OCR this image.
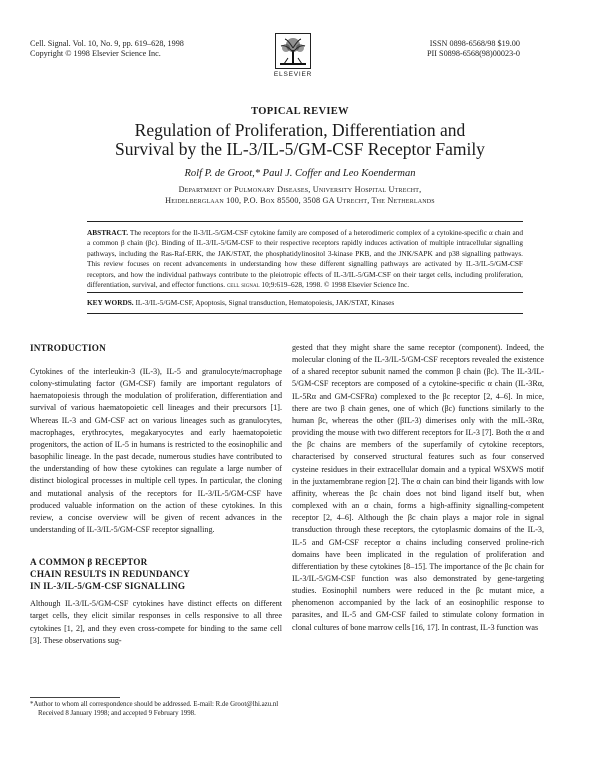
Cell. Signal. Vol. 10, No. 9, pp. 619–628, 1998
Copyright © 1998 Elsevier Science Inc.
ELSEVIER
ISSN 0898-6568/98 $19.00
PII S0898-6568(98)00023-0
TOPICAL REVIEW
Regulation of Proliferation, Differentiation and
Survival by the IL-3/IL-5/GM-CSF Receptor Family
Rolf P. de Groot,* Paul J. Coffer and Leo Koenderman
Department of Pulmonary Diseases, University Hospital Utrecht,
Heidelberglaan 100, P.O. Box 85500, 3508 GA Utrecht, The Netherlands
ABSTRACT. The receptors for the Il-3/IL-5/GM-CSF cytokine family are composed of a heterodimeric complex of a cytokine-specific α chain and a common β chain (βc). Binding of IL-3/IL-5/GM-CSF to their respective receptors rapidly induces activation of multiple intracellular signalling pathways, including the Ras-Raf-ERK, the JAK/STAT, the phosphatidylinositol 3-kinase PKB, and the JNK/SAPK and p38 signalling pathways. This review focuses on recent advancements in understanding how these different signalling pathways are activated by IL-3/IL-5/GM-CSF receptors, and how the individual pathways contribute to the pleiotropic effects of IL-3/IL-5/GM-CSF on their target cells, including proliferation, differentiation, survival, and effector functions. cell signal 10;9:619–628, 1998. © 1998 Elsevier Science Inc.
KEY WORDS. IL-3/IL-5/GM-CSF, Apoptosis, Signal transduction, Hematopoiesis, JAK/STAT, Kinases
INTRODUCTION

Cytokines of the interleukin-3 (IL-3), IL-5 and granulocyte/macrophage colony-stimulating factor (GM-CSF) family are important regulators of haematopoiesis through the modulation of proliferation, differentiation and survival of various haematopoietic cell lineages and their precursors [1]. Whereas IL-3 and GM-CSF act on various lineages such as granulocytes, macrophages, erythrocytes, megakaryocytes and early haematopoietic progenitors, the action of IL-5 in humans is restricted to the eosinophilic and basophilic lineage. In the past decade, numerous studies have contributed to the understanding of how these cytokines can regulate a large number of distinct biological processes in multiple cell types. In particular, the cloning and mutational analysis of the receptors for IL-3/IL-5/GM-CSF have produced valuable information on the action of these cytokines. In this review, a concise overview will be given of recent advances in the understanding of IL-3/IL-5/GM-CSF receptor signalling.

A COMMON β RECEPTOR
CHAIN RESULTS IN REDUNDANCY
IN IL-3/IL-5/GM-CSF SIGNALLING

Although IL-3/IL-5/GM-CSF cytokines have distinct effects on different target cells, they elicit similar responses in cells responsive to all three cytokines [1, 2], and they even cross-compete for binding to the same cell [3]. These observations sug-

gested that they might share the same receptor (component). Indeed, the molecular cloning of the IL-3/IL-5/GM-CSF receptors revealed the existence of a shared receptor subunit named the common β chain (βc). The IL-3/IL-5/GM-CSF receptors are composed of a cytokine-specific α chain (IL-3Rα, IL-5Rα and GM-CSFRα) complexed to the βc receptor [2, 4–6]. In mice, there are two β chain genes, one of which (βc) functions similarly to the human βc, whereas the other (βIL-3) dimerises only with the mIL-3Rα, providing the mouse with two different receptors for IL-3 [7]. Both the α and the βc chains are members of the superfamily of cytokine receptors, characterised by conserved structural features such as four conserved cysteine residues in their extracellular domain and a typical WSXWS motif in the juxtamembrane region [2]. The α chain can bind their ligands with low affinity, whereas the βc chain does not bind ligand itself but, when complexed with an α chain, forms a high-affinity signalling-competent receptor [2, 4–6]. Although the βc chain plays a major role in signal transduction through these receptors, the cytoplasmic domains of the IL-3, IL-5 and GM-CSF receptor α chains including conserved proline-rich domains have been implicated in the regulation of proliferation and differentiation by these cytokines [8–15]. The importance of the βc chain for IL-3/IL-5/GM-CSF function was also demonstrated by gene-targeting studies. Eosinophil numbers were reduced in the βc mutant mice, a phenomenon accompanied by the lack of an eosinophilic response to parasites, and IL-5 and GM-CSF failed to stimulate colony formation in clonal cultures of bone marrow cells [16, 17]. In contrast, IL-3 function was

*Author to whom all correspondence should be addressed. E-mail: R.de Groot@lhi.azu.nl
Received 8 January 1998; and accepted 9 February 1998.
